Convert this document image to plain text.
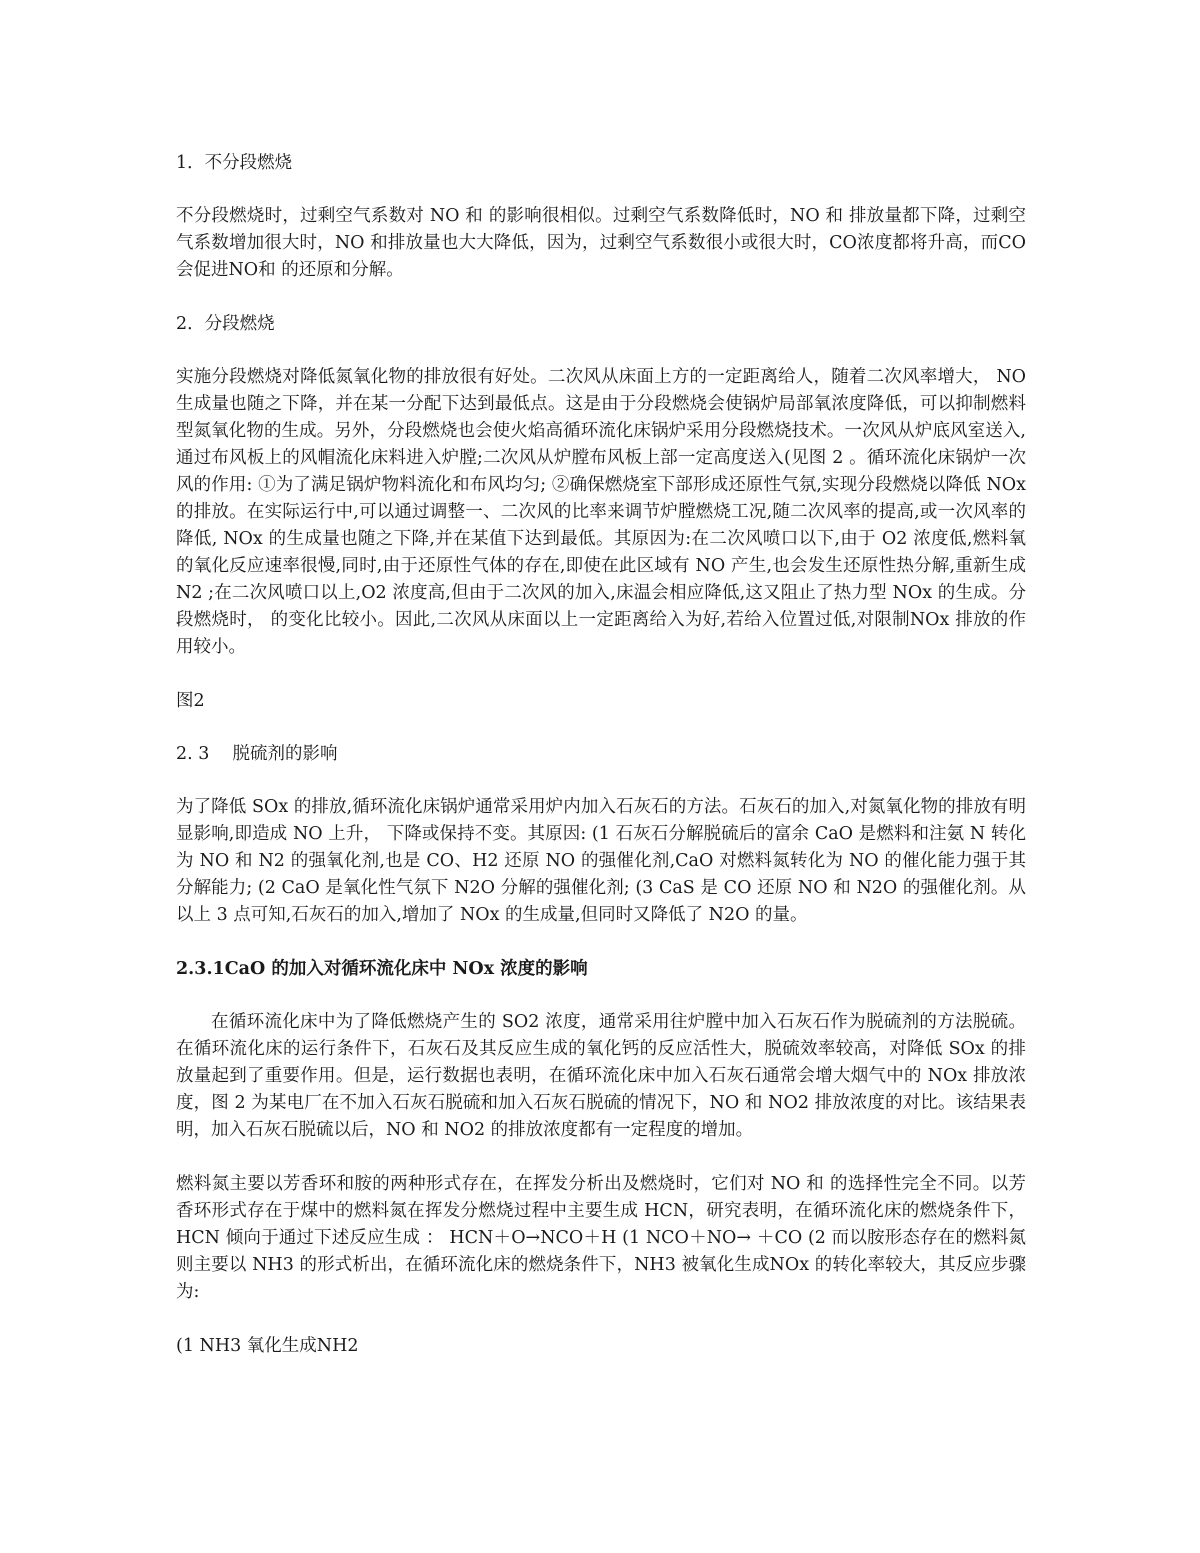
1．不分段燃烧

不分段燃烧时，过剩空气系数对 NO 和 的影响很相似。过剩空气系数降低时，NO 和 排放量都下降，过剩空气系数增加很大时，NO 和排放量也大大降低，因为，过剩空气系数很小或很大时，CO浓度都将升高，而CO会促进NO和 的还原和分解。

2．分段燃烧

实施分段燃烧对降低氮氧化物的排放很有好处。二次风从床面上方的一定距离给人，随着二次风率增大， NO 生成量也随之下降，并在某一分配下达到最低点。这是由于分段燃烧会使锅炉局部氧浓度降低，可以抑制燃料型氮氧化物的生成。另外，分段燃烧也会使火焰高循环流化床锅炉采用分段燃烧技术。一次风从炉底风室送入,通过布风板上的风帽流化床料进入炉膛;二次风从炉膛布风板上部一定高度送入(见图 2 。循环流化床锅炉一次风的作用: ①为了满足锅炉物料流化和布风均匀; ②确保燃烧室下部形成还原性气氛,实现分段燃烧以降低 NOx 的排放。在实际运行中,可以通过调整一、二次风的比率来调节炉膛燃烧工况,随二次风率的提高,或一次风率的降低, NOx 的生成量也随之下降,并在某值下达到最低。其原因为:在二次风喷口以下,由于 O2 浓度低,燃料氧的氧化反应速率很慢,同时,由于还原性气体的存在,即使在此区域有 NO 产生,也会发生还原性热分解,重新生成 N2 ;在二次风喷口以上,O2 浓度高,但由于二次风的加入,床温会相应降低,这又阻止了热力型 NOx 的生成。分段燃烧时， 的变化比较小。因此,二次风从床面以上一定距离给入为好,若给入位置过低,对限制NOx 排放的作用较小。

图2

2. 3　 脱硫剂的影响

为了降低 SOx 的排放,循环流化床锅炉通常采用炉内加入石灰石的方法。石灰石的加入,对氮氧化物的排放有明显影响,即造成 NO 上升， 下降或保持不变。其原因: (1 石灰石分解脱硫后的富余 CaO 是燃料和注氨 N 转化为 NO 和 N2 的强氧化剂,也是 CO、H2 还原 NO 的强催化剂,CaO 对燃料氮转化为 NO 的催化能力强于其分解能力; (2 CaO 是氧化性气氛下 N2O 分解的强催化剂; (3 CaS 是 CO 还原 NO 和 N2O 的强催化剂。从以上 3 点可知,石灰石的加入,增加了 NOx 的生成量,但同时又降低了 N2O 的量。

2.3.1CaO 的加入对循环流化床中 NOx 浓度的影响

在循环流化床中为了降低燃烧产生的 SO2 浓度，通常采用往炉膛中加入石灰石作为脱硫剂的方法脱硫。在循环流化床的运行条件下，石灰石及其反应生成的氧化钙的反应活性大，脱硫效率较高，对降低 SOx 的排放量起到了重要作用。但是，运行数据也表明，在循环流化床中加入石灰石通常会增大烟气中的 NOx 排放浓度，图 2 为某电厂在不加入石灰石脱硫和加入石灰石脱硫的情况下，NO 和 NO2 排放浓度的对比。该结果表明，加入石灰石脱硫以后，NO 和 NO2 的排放浓度都有一定程度的增加。

燃料氮主要以芳香环和胺的两种形式存在，在挥发分析出及燃烧时，它们对 NO 和 的选择性完全不同。以芳香环形式存在于煤中的燃料氮在挥发分燃烧过程中主要生成 HCN，研究表明，在循环流化床的燃烧条件下， HCN 倾向于通过下述反应生成 ： HCN＋O→NCO＋H (1 NCO＋NO→ ＋CO (2 而以胺形态存在的燃料氮则主要以 NH3 的形式析出，在循环流化床的燃烧条件下，NH3 被氧化生成NOx 的转化率较大，其反应步骤为:

(1 NH3 氧化生成NH2
